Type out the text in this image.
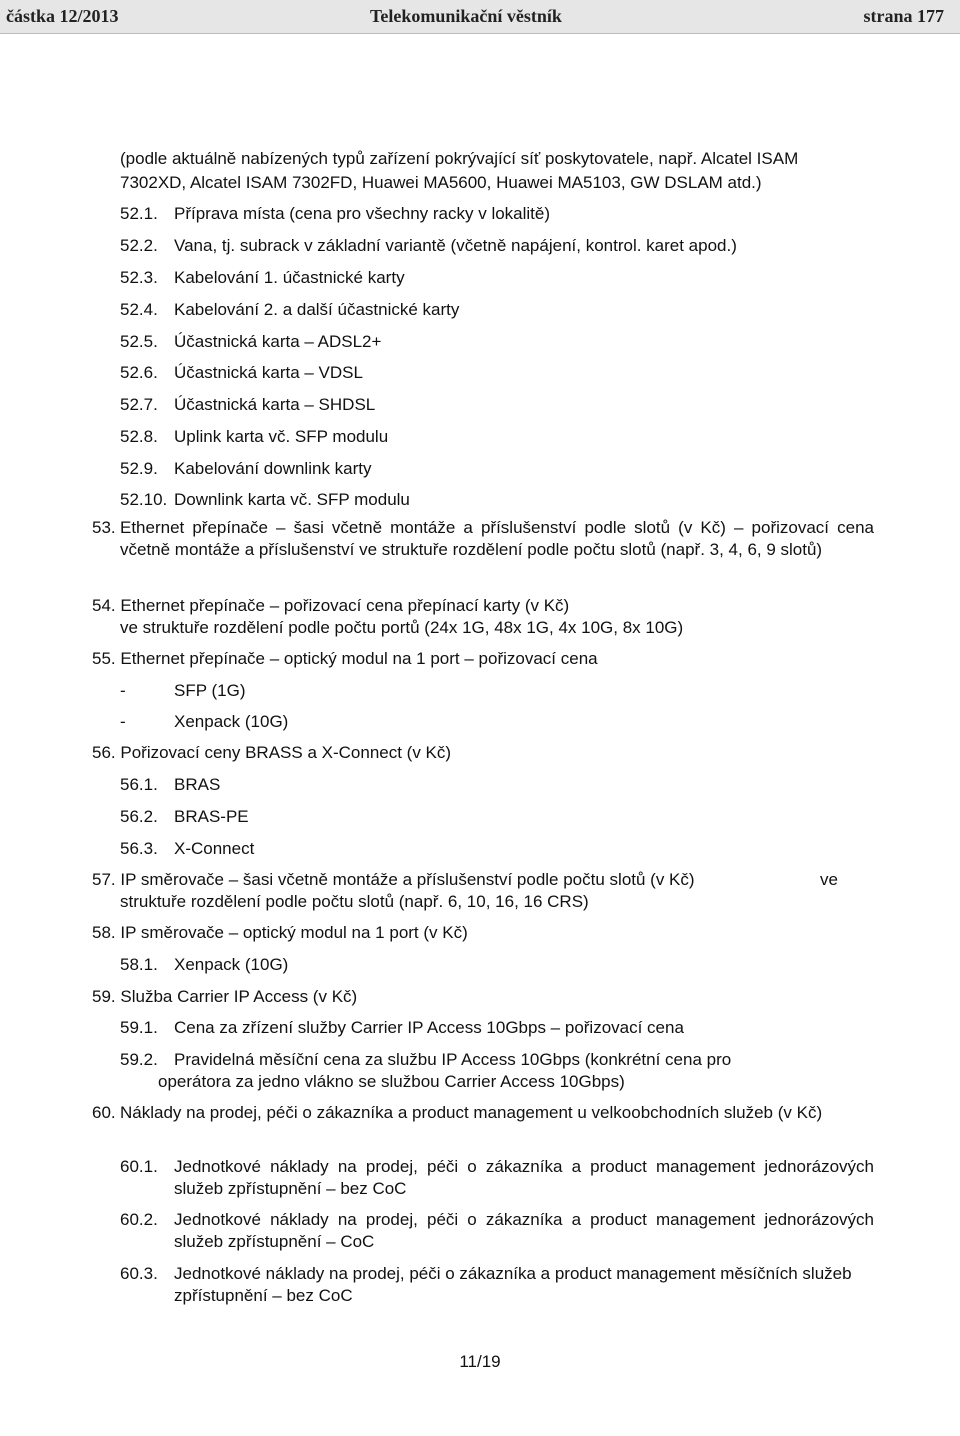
částka 12/2013	Telekomunikační věstník	strana 177
(podle aktuálně nabízených typů zařízení pokrývající síť poskytovatele, např. Alcatel ISAM
7302XD, Alcatel ISAM 7302FD, Huawei MA5600, Huawei MA5103, GW DSLAM atd.)
52.1. Příprava místa (cena pro všechny racky v lokalitě)
52.2. Vana, tj. subrack v základní variantě (včetně napájení, kontrol. karet apod.)
52.3. Kabelování 1. účastnické karty
52.4. Kabelování 2. a další účastnické karty
52.5. Účastnická karta – ADSL2+
52.6. Účastnická karta – VDSL
52.7. Účastnická karta – SHDSL
52.8. Uplink karta vč. SFP modulu
52.9. Kabelování downlink karty
52.10. Downlink karta vč. SFP modulu
53. Ethernet přepínače – šasi včetně montáže a příslušenství podle slotů (v Kč) – pořizovací cena včetně montáže a příslušenství ve struktuře rozdělení podle počtu slotů (např. 3, 4, 6, 9 slotů)
54. Ethernet přepínače – pořizovací cena přepínací karty (v Kč)
ve struktuře rozdělení podle počtu portů (24x 1G, 48x 1G, 4x 10G, 8x 10G)
55. Ethernet přepínače – optický modul na 1 port – pořizovací cena
-	SFP (1G)
-	Xenpack (10G)
56. Pořizovací ceny BRASS a X-Connect (v Kč)
56.1. BRAS
56.2. BRAS-PE
56.3. X-Connect
57. IP směrovače – šasi včetně montáže a příslušenství podle počtu slotů (v Kč)	ve
struktuře rozdělení podle počtu slotů (např. 6, 10, 16, 16 CRS)
58. IP směrovače – optický modul na 1 port (v Kč)
58.1. Xenpack (10G)
59. Služba Carrier IP Access (v Kč)
59.1. Cena za zřízení služby Carrier IP Access 10Gbps – pořizovací cena
59.2. Pravidelná měsíční cena za službu IP Access 10Gbps (konkrétní cena pro
operátora za jedno vlákno se službou Carrier Access 10Gbps)
60. Náklady na prodej, péči o zákazníka a product management u velkoobchodních služeb (v Kč)
60.1. Jednotkové náklady na prodej, péči o zákazníka a product management jednorázových služeb zpřístupnění – bez CoC
60.2. Jednotkové náklady na prodej, péči o zákazníka a product management jednorázových služeb zpřístupnění – CoC
60.3. Jednotkové náklady na prodej, péči o zákazníka a product management měsíčních služeb zpřístupnění – bez CoC
11/19
